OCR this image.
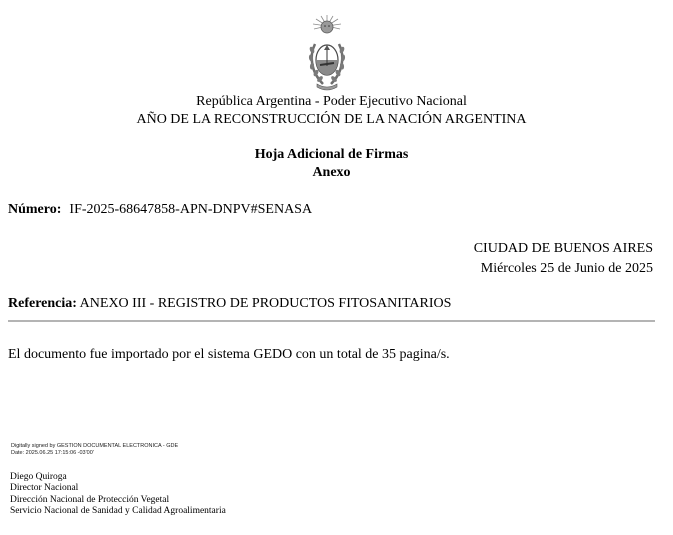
República Argentina - Poder Ejecutivo Nacional
AÑO DE LA RECONSTRUCCIÓN DE LA NACIÓN ARGENTINA
Hoja Adicional de Firmas
Anexo
Número: IF-2025-68647858-APN-DNPV#SENASA
CIUDAD DE BUENOS AIRES
Miércoles 25 de Junio de 2025
Referencia: ANEXO III - REGISTRO DE PRODUCTOS FITOSANITARIOS
El documento fue importado por el sistema GEDO con un total de 35 pagina/s.
Digitally signed by GESTION DOCUMENTAL ELECTRONICA - GDE
Date: 2025.06.25 17:15:06 -03'00'
Diego Quiroga
Director Nacional
Dirección Nacional de Protección Vegetal
Servicio Nacional de Sanidad y Calidad Agroalimentaria
